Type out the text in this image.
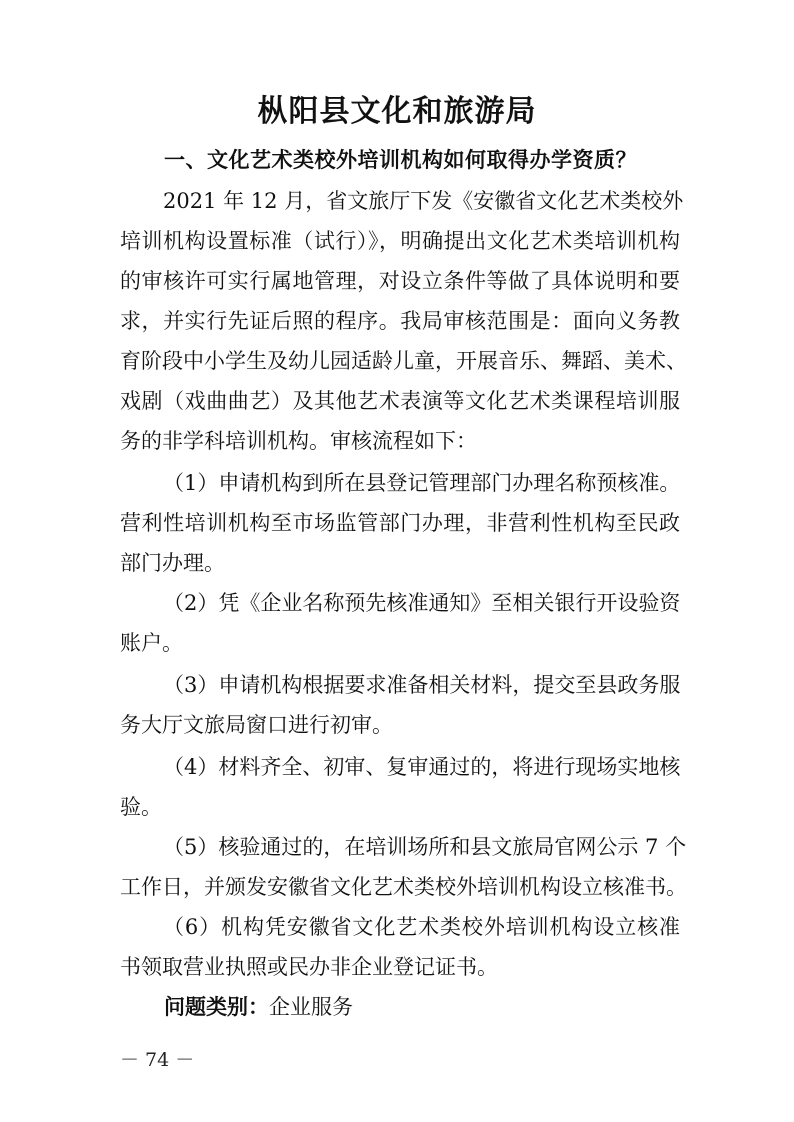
枞阳县文化和旅游局
一、文化艺术类校外培训机构如何取得办学资质？
2021 年 12 月，省文旅厅下发《安徽省文化艺术类校外
培训机构设置标准（试行）》，明确提出文化艺术类培训机构
的审核许可实行属地管理，对设立条件等做了具体说明和要
求，并实行先证后照的程序。我局审核范围是：面向义务教
育阶段中小学生及幼儿园适龄儿童，开展音乐、舞蹈、美术、
戏剧（戏曲曲艺）及其他艺术表演等文化艺术类课程培训服
务的非学科培训机构。审核流程如下：
（1）申请机构到所在县登记管理部门办理名称预核准。
营利性培训机构至市场监管部门办理，非营利性机构至民政
部门办理。
（2）凭《企业名称预先核准通知》至相关银行开设验资
账户。
（3）申请机构根据要求准备相关材料，提交至县政务服
务大厅文旅局窗口进行初审。
（4）材料齐全、初审、复审通过的，将进行现场实地核
验。
（5）核验通过的，在培训场所和县文旅局官网公示 7 个
工作日，并颁发安徽省文化艺术类校外培训机构设立核准书。
（6）机构凭安徽省文化艺术类校外培训机构设立核准
书领取营业执照或民办非企业登记证书。
问题类别：企业服务
－ 74 －
